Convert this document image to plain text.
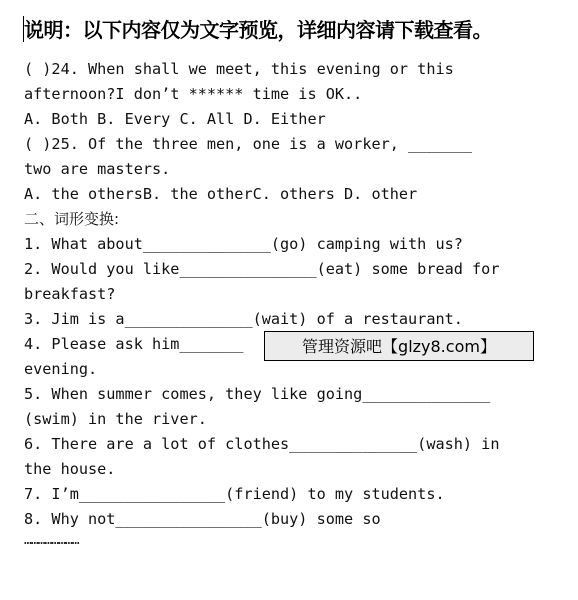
说明：以下内容仅为文字预览，详细内容请下载查看。
( )24. When shall we meet, this evening or this
afternoon?I don’t ****** time is OK..
A. Both B. Every C. All D. Either
( )25. Of the three men, one is a worker, _______
two are masters.
A. the othersB. the otherC. others D. other
二、词形变换:
1. What about______________(go) camping with us?
2. Would you like_______________(eat) some bread for
breakfast?
3. Jim is a______________(wait) of a restaurant.
4. Please ask him_______
evening.
5. When summer comes, they like going______________
(swim) in the river.
6. There are a lot of clothes______________(wash) in
the house.
7. I’m________________(friend) to my students.
8. Why not________________(buy) some so
……………………
管理资源吧【glzy8.com】
